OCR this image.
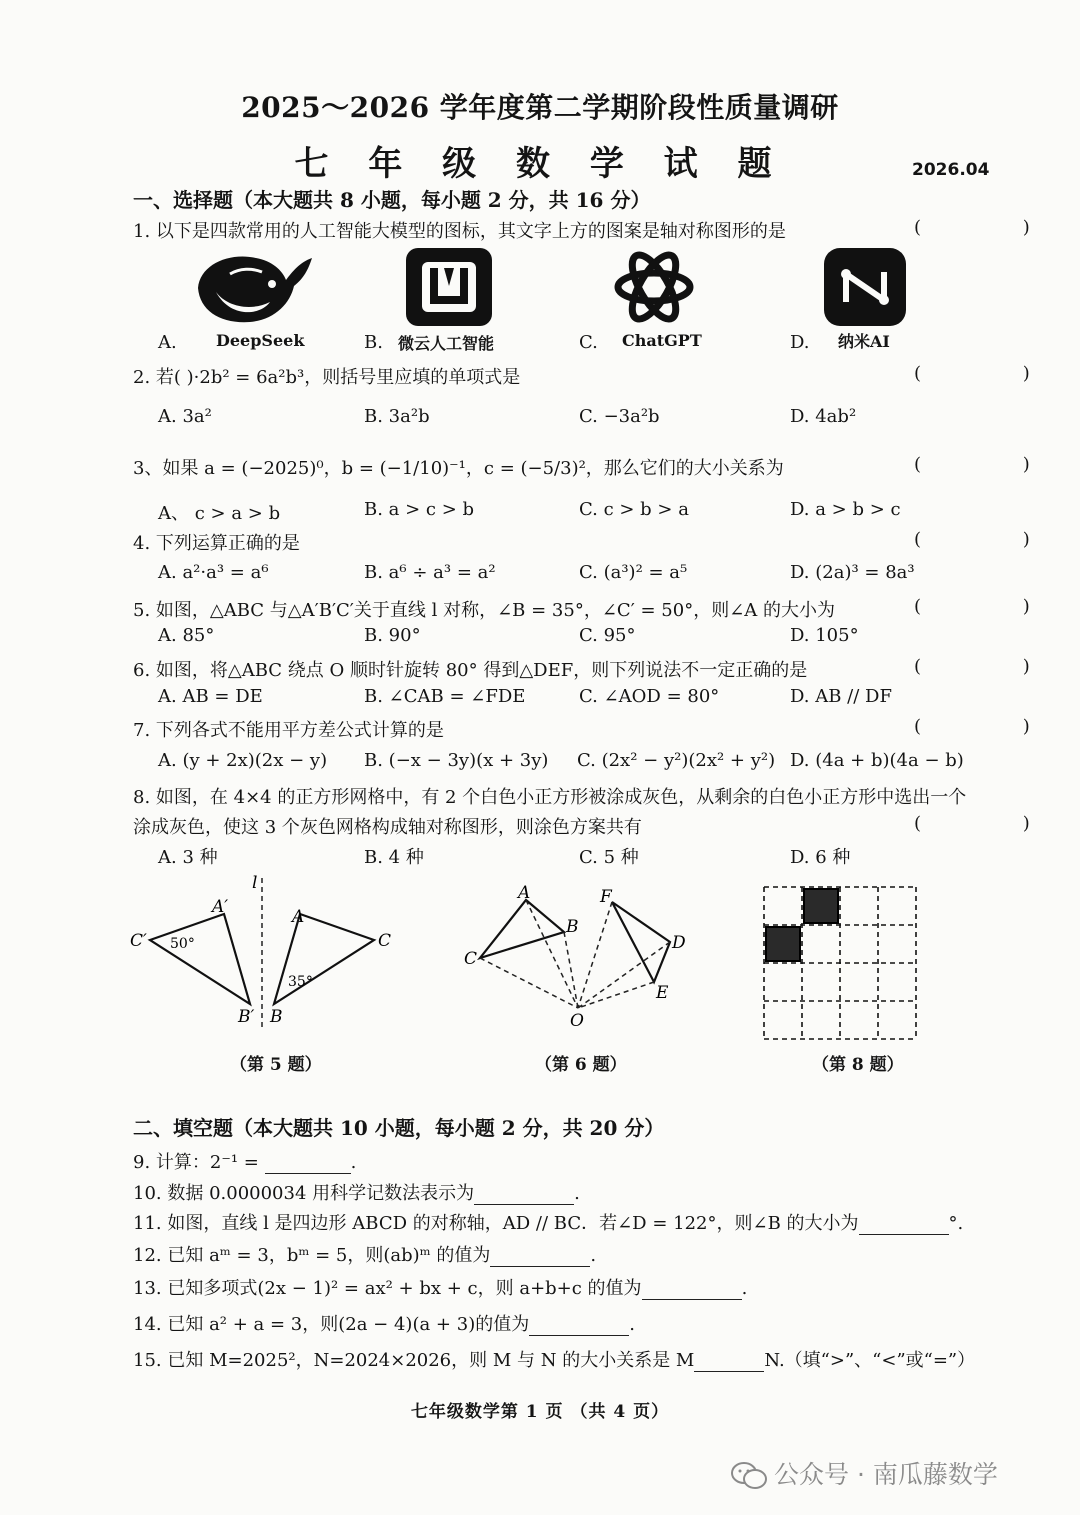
2025～2026 学年度第二学期阶段性质量调研
七 年 级 数 学 试 题	2026.04
一、选择题（本大题共 8 小题，每小题 2 分，共 16 分）
1. 以下是四款常用的人工智能大模型的图标，其文字上方的图案是轴对称图形的是	( )
A. DeepSeek	B. 微云人工智能	C. ChatGPT	D. 纳米AI
2. 若( )·2b² = 6a²b³，则括号里应填的单项式是	( )
A. 3a²	B. 3a²b	C. −3a²b	D. 4ab²
3、如果 a = (−2025)⁰，b = (−1/10)⁻¹，c = (−5/3)²，那么它们的大小关系为	( )
A、 c > a > b	B. a > c > b	C. c > b > a	D. a > b > c
4. 下列运算正确的是	( )
A. a²·a³ = a⁶	B. a⁶ ÷ a³ = a²	C. (a³)² = a⁵	D. (2a)³ = 8a³
5. 如图，△ABC 与△A′B′C′关于直线 l 对称，∠B = 35°，∠C′ = 50°，则∠A 的大小为	( )
A. 85°	B. 90°	C. 95°	D. 105°
6. 如图，将△ABC 绕点 O 顺时针旋转 80° 得到△DEF，则下列说法不一定正确的是	( )
A. AB = DE	B. ∠CAB = ∠FDE	C. ∠AOD = 80°	D. AB // DF
7. 下列各式不能用平方差公式计算的是	( )
A. (y + 2x)(2x − y) B. (−x − 3y)(x + 3y) C. (2x² − y²)(2x² + y²) D. (4a + b)(4a − b)
8. 如图，在 4×4 的正方形网格中，有 2 个白色小正方形被涂成灰色，从剩余的白色小正方形中选出一个
涂成灰色，使这 3 个灰色网格构成轴对称图形，则涂色方案共有	( )
A. 3 种	B. 4 种	C. 5 种	D. 6 种
l
A′
C′
B′
A
C
B
50°
35°
（第 5 题）
A
B
C
F
D
E
O
（第 6 题）	（第 8 题）
二、填空题（本大题共 10 小题，每小题 2 分，共 20 分）
9. 计算：2⁻¹ =	.
10. 数据 0.0000034 用科学记数法表示为	.
11. 如图，直线 l 是四边形 ABCD 的对称轴，AD // BC．若∠D = 122°，则∠B 的大小为	°.
12. 已知 aᵐ = 3，bᵐ = 5，则(ab)ᵐ 的值为	.
13. 已知多项式(2x − 1)² = ax² + bx + c，则 a+b+c 的值为	.
14. 已知 a² + a = 3，则(2a − 4)(a + 3)的值为	.
15. 已知 M=2025²，N=2024×2026，则 M 与 N 的大小关系是 M	N.（填“>”、“<”或“=”）
七年级数学第 1 页 （共 4 页）
公众号 · 南瓜藤数学
